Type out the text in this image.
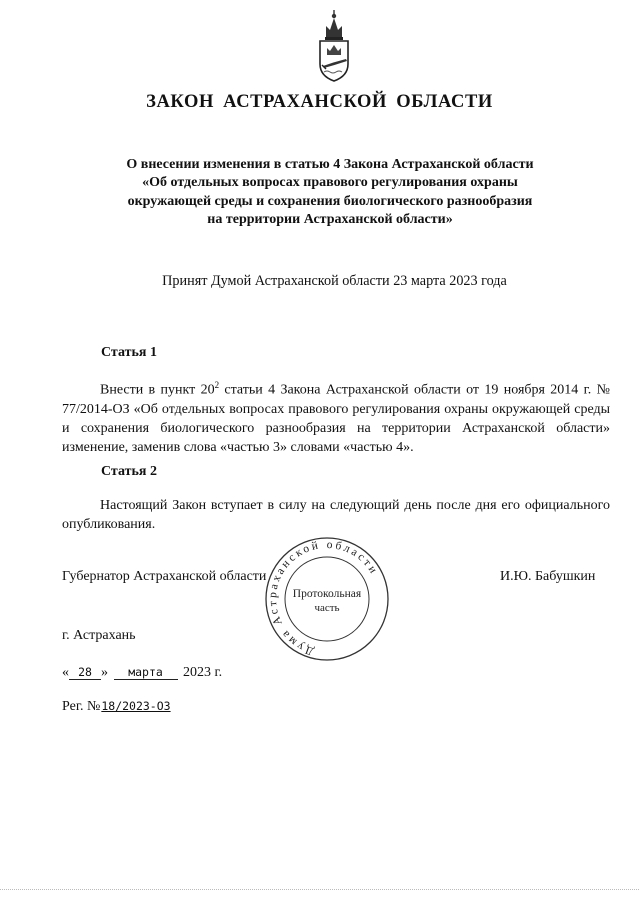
ЗАКОН АСТРАХАНСКОЙ ОБЛАСТИ
О внесении изменения в статью 4 Закона Астраханской области
«Об отдельных вопросах правового регулирования охраны
окружающей среды и сохранения биологического разнообразия
на территории Астраханской области»
Принят Думой Астраханской области 23 марта 2023 года
Статья 1
Внести в пункт $20^2$ статьи 4 Закона Астраханской области от 19 ноября 2014 г. № 77/2014-ОЗ «Об отдельных вопросах правового регулирования охраны окружающей среды и сохранения биологического разнообразия на территории Астраханской области» изменение, заменив слова «частью 3» словами «частью 4».
Статья 2
Настоящий Закон вступает в силу на следующий день после дня его официального опубликования.
Губернатор Астраханской области	И.Ю. Бабушкин
Дума Астраханской области
Протокольная
часть
г. Астрахань
« 28 » марта 2023 г.
Рег. №18/2023-ОЗ
